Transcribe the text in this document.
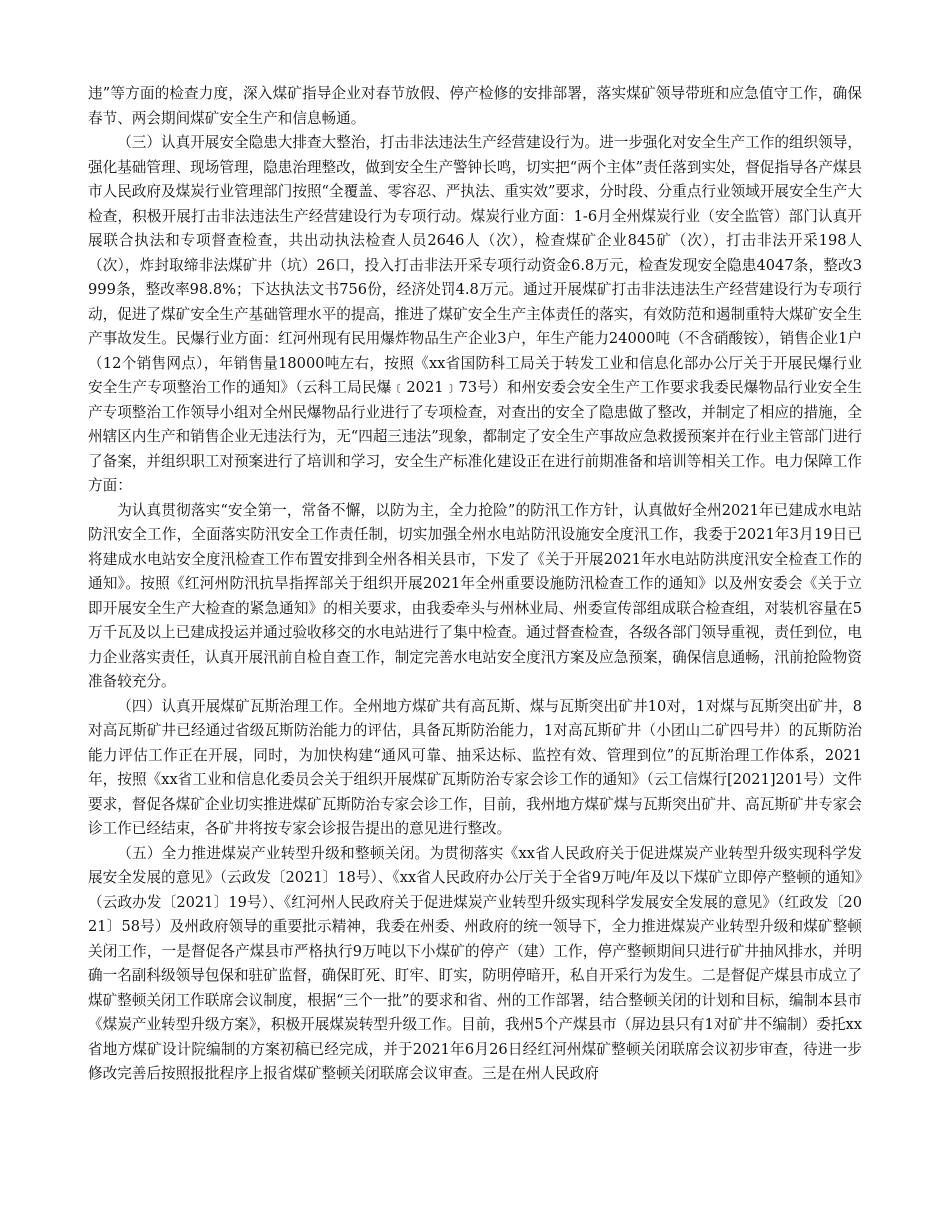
违”等方面的检查力度，深入煤矿指导企业对春节放假、停产检修的安排部署，落实煤矿领导带班和应急值守工作，确保春节、两会期间煤矿安全生产和信息畅通。

（三）认真开展安全隐患大排查大整治，打击非法违法生产经营建设行为。进一步强化对安全生产工作的组织领导，强化基础管理、现场管理，隐患治理整改，做到安全生产警钟长鸣，切实把“两个主体”责任落到实处，督促指导各产煤县市人民政府及煤炭行业管理部门按照“全覆盖、零容忍、严执法、重实效”要求，分时段、分重点行业领域开展安全生产大检查，积极开展打击非法违法生产经营建设行为专项行动。煤炭行业方面：1-6月全州煤炭行业（安全监管）部门认真开展联合执法和专项督查检查，共出动执法检查人员2646人（次），检查煤矿企业845矿（次），打击非法开采198人（次），炸封取缔非法煤矿井（坑）26口，投入打击非法开采专项行动资金6.8万元，检查发现安全隐患4047条，整改3999条，整改率98.8%；下达执法文书756份，经济处罚4.8万元。通过开展煤矿打击非法违法生产经营建设行为专项行动，促进了煤矿安全生产基础管理水平的提高，推进了煤矿安全生产主体责任的落实，有效防范和遏制重特大煤矿安全生产事故发生。民爆行业方面：红河州现有民用爆炸物品生产企业3户，年生产能力24000吨（不含硝酸铵），销售企业1户（12个销售网点），年销售量18000吨左右，按照《xx省国防科工局关于转发工业和信息化部办公厅关于开展民爆行业安全生产专项整治工作的通知》（云科工局民爆﹝2021﹞73号）和州安委会安全生产工作要求我委民爆物品行业安全生产专项整治工作领导小组对全州民爆物品行业进行了专项检查，对查出的安全了隐患做了整改，并制定了相应的措施，全州辖区内生产和销售企业无违法行为，无“四超三违法”现象，都制定了安全生产事故应急救援预案并在行业主管部门进行了备案，并组织职工对预案进行了培训和学习，安全生产标准化建设正在进行前期准备和培训等相关工作。电力保障工作方面：

为认真贯彻落实“安全第一，常备不懈，以防为主，全力抢险”的防汛工作方针，认真做好全州2021年已建成水电站防汛安全工作，全面落实防汛安全工作责任制，切实加强全州水电站防汛设施安全度汛工作，我委于2021年3月19日已将建成水电站安全度汛检查工作布置安排到全州各相关县市，下发了《关于开展2021年水电站防洪度汛安全检查工作的通知》。按照《红河州防汛抗旱指挥部关于组织开展2021年全州重要设施防汛检查工作的通知》以及州安委会《关于立即开展安全生产大检查的紧急通知》的相关要求，由我委牵头与州林业局、州委宣传部组成联合检查组，对装机容量在5万千瓦及以上已建成投运并通过验收移交的水电站进行了集中检查。通过督查检查，各级各部门领导重视，责任到位，电力企业落实责任，认真开展汛前自检自查工作，制定完善水电站安全度汛方案及应急预案，确保信息通畅，汛前抢险物资准备较充分。

（四）认真开展煤矿瓦斯治理工作。全州地方煤矿共有高瓦斯、煤与瓦斯突出矿井10对，1对煤与瓦斯突出矿井，8对高瓦斯矿井已经通过省级瓦斯防治能力的评估，具备瓦斯防治能力，1对高瓦斯矿井（小团山二矿四号井）的瓦斯防治能力评估工作正在开展，同时，为加快构建“通风可靠、抽采达标、监控有效、管理到位”的瓦斯治理工作体系，2021年，按照《xx省工业和信息化委员会关于组织开展煤矿瓦斯防治专家会诊工作的通知》（云工信煤行[2021]201号）文件要求，督促各煤矿企业切实推进煤矿瓦斯防治专家会诊工作，目前，我州地方煤矿煤与瓦斯突出矿井、高瓦斯矿井专家会诊工作已经结束，各矿井将按专家会诊报告提出的意见进行整改。

（五）全力推进煤炭产业转型升级和整顿关闭。为贯彻落实《xx省人民政府关于促进煤炭产业转型升级实现科学发展安全发展的意见》（云政发〔2021〕18号）、《xx省人民政府办公厅关于全省9万吨/年及以下煤矿立即停产整顿的通知》（云政办发〔2021〕19号）、《红河州人民政府关于促进煤炭产业转型升级实现科学发展安全发展的意见》（红政发〔2021〕58号）及州政府领导的重要批示精神，我委在州委、州政府的统一领导下，全力推进煤炭产业转型升级和煤矿整顿关闭工作，一是督促各产煤县市严格执行9万吨以下小煤矿的停产（建）工作，停产整顿期间只进行矿井抽风排水，并明确一名副科级领导包保和驻矿监督，确保盯死、盯牢、盯实，防明停暗开，私自开采行为发生。二是督促产煤县市成立了煤矿整顿关闭工作联席会议制度，根据“三个一批”的要求和省、州的工作部署，结合整顿关闭的计划和目标，编制本县市《煤炭产业转型升级方案》，积极开展煤炭转型升级工作。目前，我州5个产煤县市（屏边县只有1对矿井不编制）委托xx省地方煤矿设计院编制的方案初稿已经完成，并于2021年6月26日经红河州煤矿整顿关闭联席会议初步审查，待进一步修改完善后按照报批程序上报省煤矿整顿关闭联席会议审查。三是在州人民政府
